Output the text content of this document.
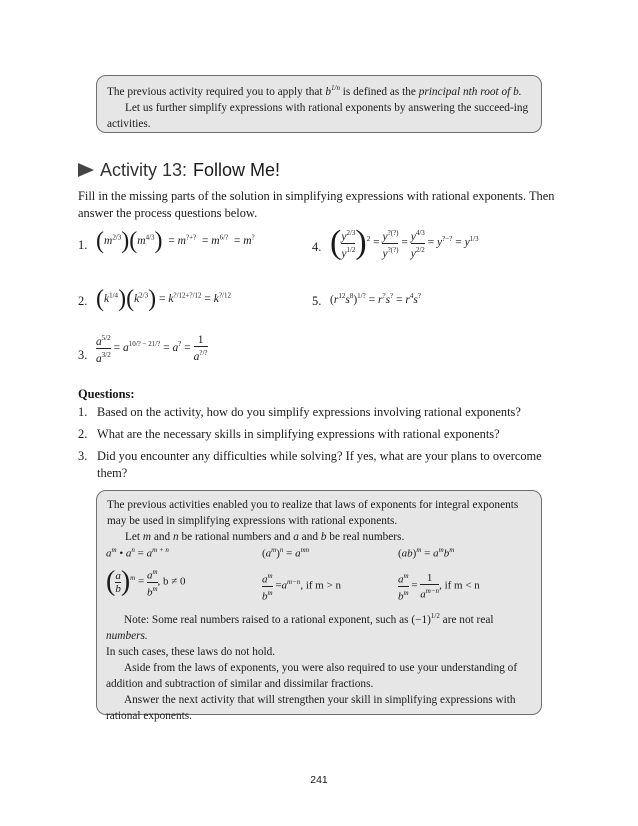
The previous activity required you to apply that $b^{1/n}$ is defined as the principal nth root of b.

Let us further simplify expressions with rational exponents by answering the succeed-ing activities.

Activity 13: Follow Me!
Fill in the missing parts of the solution in simplifying expressions with rational exponents. Then answer the process questions below.
1. $(m^{2/3})(m^{4/3}) = m^{?+?} = m^{6/?} = m^?$
4. ( $\frac{y^{2/3}}{y^{1/2}} )^2 = \frac{y^{?(?)}}{y^{?(?)}} = \frac{y^{4/3}}{y^{2/2}} = y^{?-?} = y^{1/3}$
2. $(k^{1/4})(k^{2/3}) = k^{?/12+?/12} = k^{?/12}$	5. $(r^{12}s^8)^{1/?} = r^?s^? = r^4s^?$
3. $\frac{a^{5/2}}{a^{3/2}} = a^{10/? - 21/?} = a^? = \frac{1}{a^{?/?}}$
Questions:
1. Based on the activity, how do you simplify expressions involving rational exponents?
2. What are the necessary skills in simplifying expressions with rational exponents?
3. Did you encounter any difficulties while solving? If yes, what are your plans to overcome them?

The previous activities enabled you to realize that laws of exponents for integral exponents may be used in simplifying expressions with rational exponents.

Let m and n be rational numbers and a and b be real numbers.

$a^m$ • $a^n = a^{m + n}$	$(a^m)^n = a^{mn}$	$(ab)^m = a^mb^m$
( $\frac{a}{b} )^m = \frac{a^m}{b^m}$ , b ≠ 0	$\frac{a^m}{b^m} =a^{m-n}$, if m > n	$\frac{a^m}{b^m} = \frac{1}{a^{m-n}}$ , if m < n

Note: Some real numbers raised to a rational exponent, such as $(-1)^{1/2}$ are not real numbers.

In such cases, these laws do not hold.

Aside from the laws of exponents, you were also required to use your understanding of addition and subtraction of similar and dissimilar fractions.

Answer the next activity that will strengthen your skill in simplifying expressions with rational exponents.

241
